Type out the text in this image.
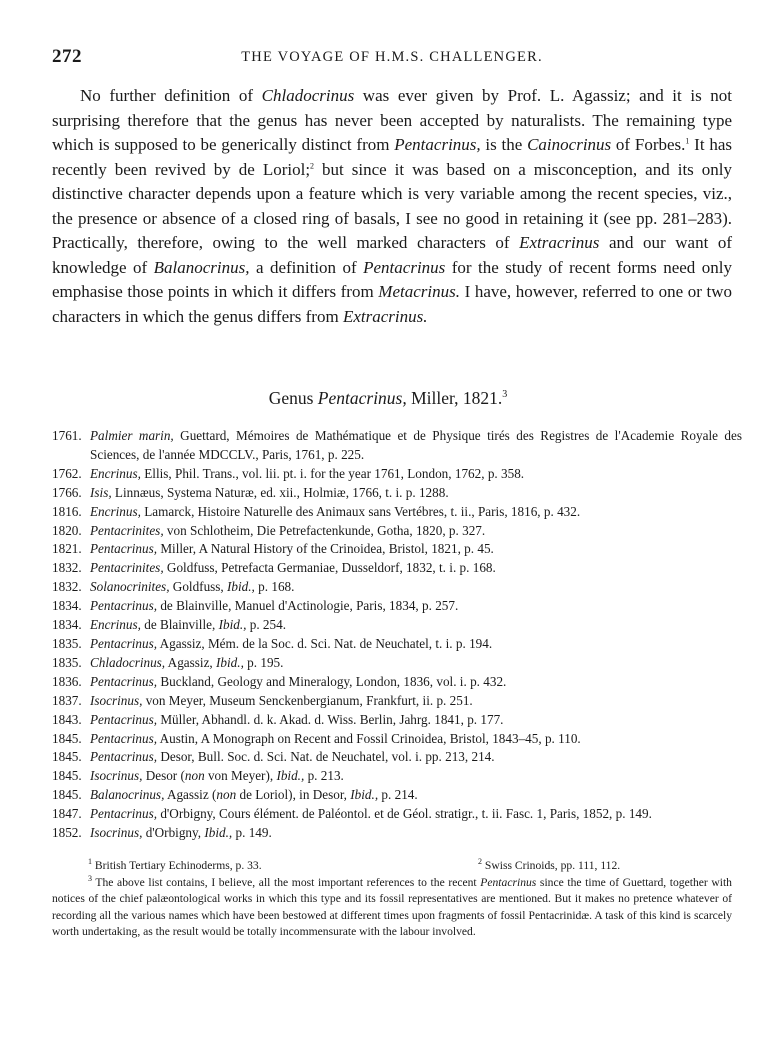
272	THE VOYAGE OF H.M.S. CHALLENGER.

No further definition of Chladocrinus was ever given by Prof. L. Agassiz; and it is not surprising therefore that the genus has never been accepted by naturalists. The remaining type which is supposed to be generically distinct from Pentacrinus, is the Cainocrinus of Forbes.$^1$ It has recently been revived by de Loriol;$^2$ but since it was based on a misconception, and its only distinctive character depends upon a feature which is very variable among the recent species, viz., the presence or absence of a closed ring of basals, I see no good in retaining it (see pp. 281–283). Practically, therefore, owing to the well marked characters of Extracrinus and our want of knowledge of Balanocrinus, a definition of Pentacrinus for the study of recent forms need only emphasise those points in which it differs from Metacrinus. I have, however, referred to one or two characters in which the genus differs from Extracrinus.

Genus Pentacrinus, Miller, 1821.$^3$
1761. Palmier marin, Guettard, Mémoires de Mathématique et de Physique tirés des Registres de l'Academie Royale des Sciences, de l'année MDCCLV., Paris, 1761, p. 225.
1762. Encrinus, Ellis, Phil. Trans., vol. lii. pt. i. for the year 1761, London, 1762, p. 358.
1766. Isis, Linnæus, Systema Naturæ, ed. xii., Holmiæ, 1766, t. i. p. 1288.
1816. Encrinus, Lamarck, Histoire Naturelle des Animaux sans Vertébres, t. ii., Paris, 1816, p. 432.
1820. Pentacrinites, von Schlotheim, Die Petrefactenkunde, Gotha, 1820, p. 327.
1821. Pentacrinus, Miller, A Natural History of the Crinoidea, Bristol, 1821, p. 45.
1832. Pentacrinites, Goldfuss, Petrefacta Germaniae, Dusseldorf, 1832, t. i. p. 168.
1832. Solanocrinites, Goldfuss, Ibid., p. 168.
1834. Pentacrinus, de Blainville, Manuel d'Actinologie, Paris, 1834, p. 257.
1834. Encrinus, de Blainville, Ibid., p. 254.
1835. Pentacrinus, Agassiz, Mém. de la Soc. d. Sci. Nat. de Neuchatel, t. i. p. 194.
1835. Chladocrinus, Agassiz, Ibid., p. 195.
1836. Pentacrinus, Buckland, Geology and Mineralogy, London, 1836, vol. i. p. 432.
1837. Isocrinus, von Meyer, Museum Senckenbergianum, Frankfurt, ii. p. 251.
1843. Pentacrinus, Müller, Abhandl. d. k. Akad. d. Wiss. Berlin, Jahrg. 1841, p. 177.
1845. Pentacrinus, Austin, A Monograph on Recent and Fossil Crinoidea, Bristol, 1843–45, p. 110.
1845. Pentacrinus, Desor, Bull. Soc. d. Sci. Nat. de Neuchatel, vol. i. pp. 213, 214.
1845. Isocrinus, Desor (non von Meyer), Ibid., p. 213.
1845. Balanocrinus, Agassiz (non de Loriol), in Desor, Ibid., p. 214.
1847. Pentacrinus, d'Orbigny, Cours élément. de Paléontol. et de Géol. stratigr., t. ii. Fasc. 1, Paris, 1852, p. 149.
1852. Isocrinus, d'Orbigny, Ibid., p. 149.
$^1$ British Tertiary Echinoderms, p. 33.	$^2$ Swiss Crinoids, pp. 111, 112.
$^3$ The above list contains, I believe, all the most important references to the recent Pentacrinus since the time of Guettard, together with notices of the chief palæontological works in which this type and its fossil representatives are mentioned. But it makes no pretence whatever of recording all the various names which have been bestowed at different times upon fragments of fossil Pentacrinidæ. A task of this kind is scarcely worth undertaking, as the result would be totally incommensurate with the labour involved.
